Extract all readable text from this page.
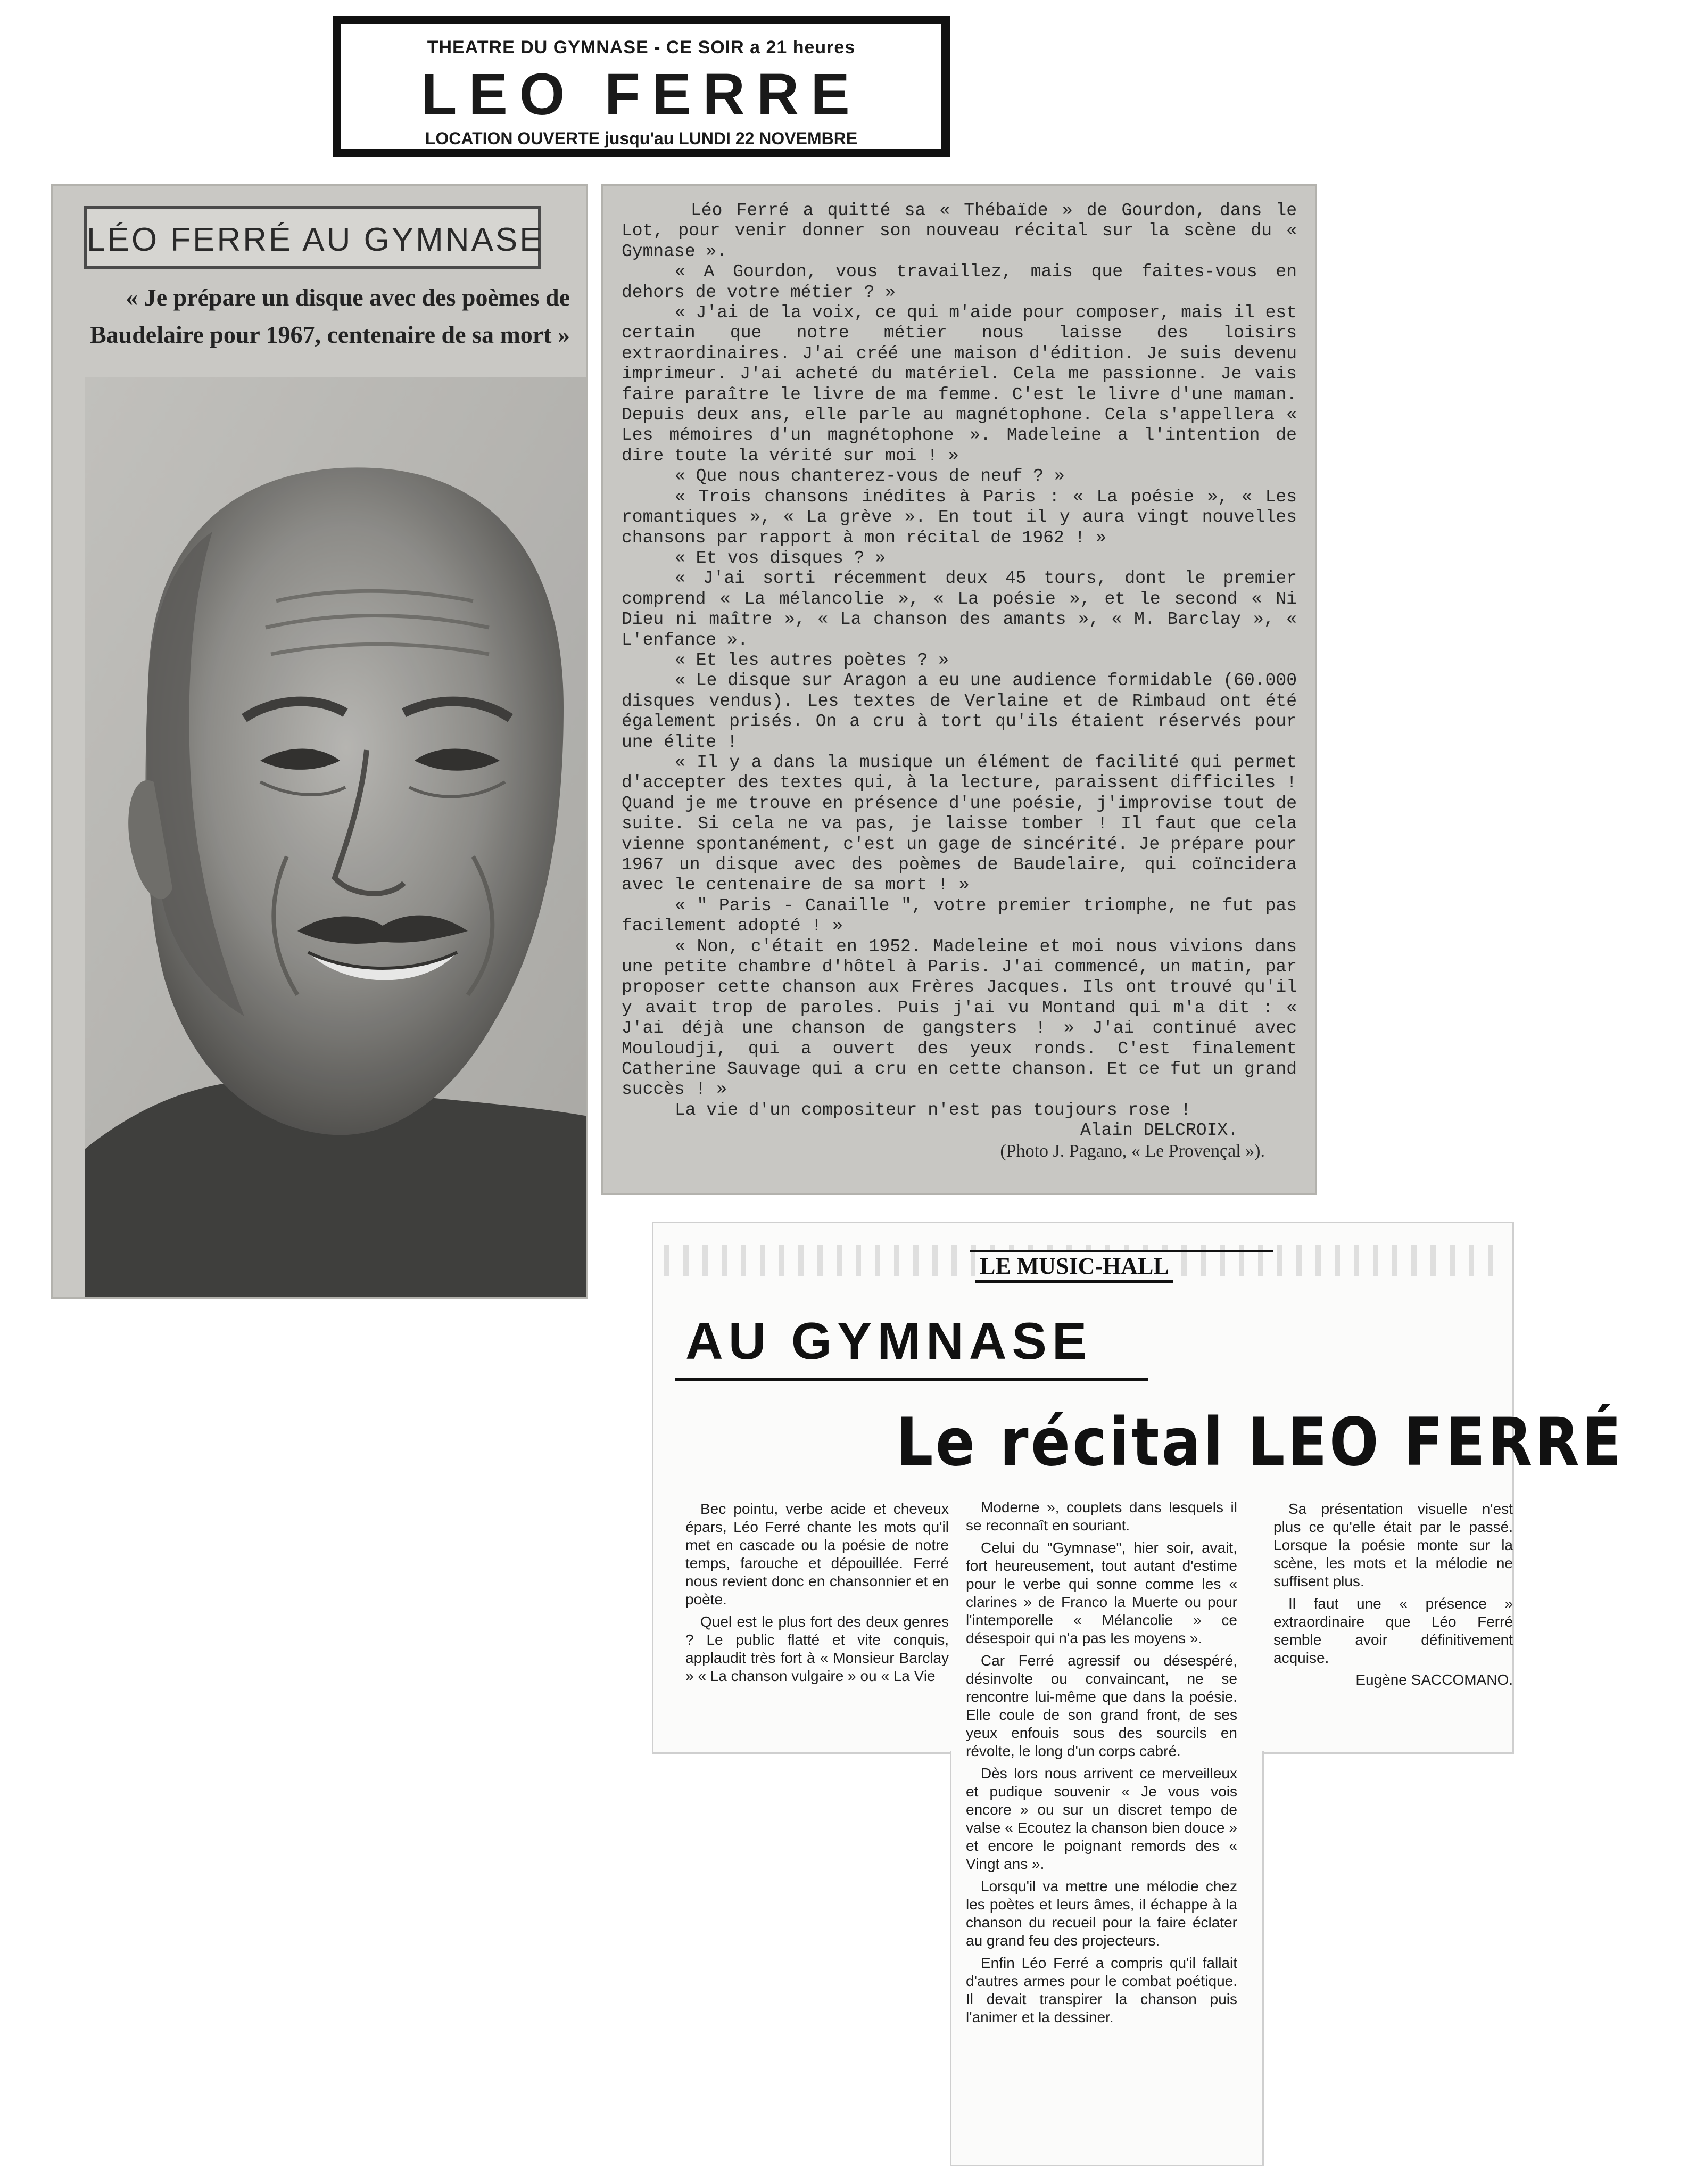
THEATRE DU GYMNASE - CE SOIR a 21 heures
LEO FERRE
LOCATION OUVERTE jusqu'au LUNDI 22 NOVEMBRE
LÉO FERRÉ AU GYMNASE
« Je prépare un disque avec des poèmes de Baudelaire pour 1967, centenaire de sa mort »

Léo Ferré a quitté sa « Thébaïde » de Gourdon, dans le Lot, pour venir donner son nouveau récital sur la scène du « Gymnase ».

« A Gourdon, vous travaillez, mais que faites-vous en dehors de votre métier ? »

« J'ai de la voix, ce qui m'aide pour composer, mais il est certain que notre métier nous laisse des loisirs extraordinaires. J'ai créé une maison d'édition. Je suis devenu imprimeur. J'ai acheté du matériel. Cela me passionne. Je vais faire paraître le livre de ma femme. C'est le livre d'une maman. Depuis deux ans, elle parle au magnétophone. Cela s'appellera « Les mémoires d'un magnétophone ». Madeleine a l'intention de dire toute la vérité sur moi ! »

« Que nous chanterez-vous de neuf ? »

« Trois chansons inédites à Paris : « La poésie », « Les romantiques », « La grève ». En tout il y aura vingt nouvelles chansons par rapport à mon récital de 1962 ! »

« Et vos disques ? »

« J'ai sorti récemment deux 45 tours, dont le premier comprend « La mélancolie », « La poésie », et le second « Ni Dieu ni maître », « La chanson des amants », « M. Barclay », « L'enfance ».

« Et les autres poètes ? »

« Le disque sur Aragon a eu une audience formidable (60.000 disques vendus). Les textes de Verlaine et de Rimbaud ont été également prisés. On a cru à tort qu'ils étaient réservés pour une élite !

« Il y a dans la musique un élément de facilité qui permet d'accepter des textes qui, à la lecture, paraissent difficiles ! Quand je me trouve en présence d'une poésie, j'improvise tout de suite. Si cela ne va pas, je laisse tomber ! Il faut que cela vienne spontanément, c'est un gage de sincérité. Je prépare pour 1967 un disque avec des poèmes de Baudelaire, qui coïncidera avec le centenaire de sa mort ! »

« " Paris - Canaille ", votre premier triomphe, ne fut pas facilement adopté ! »

« Non, c'était en 1952. Madeleine et moi nous vivions dans une petite chambre d'hôtel à Paris. J'ai commencé, un matin, par proposer cette chanson aux Frères Jacques. Ils ont trouvé qu'il y avait trop de paroles. Puis j'ai vu Montand qui m'a dit : « J'ai déjà une chanson de gangsters ! » J'ai continué avec Mouloudji, qui a ouvert des yeux ronds. C'est finalement Catherine Sauvage qui a cru en cette chanson. Et ce fut un grand succès ! »

La vie d'un compositeur n'est pas toujours rose !

Alain DELCROIX.

(Photo J. Pagano, « Le Provençal »).

LE MUSIC-HALL
AU GYMNASE
Le récital LEO FERRÉ

Bec pointu, verbe acide et cheveux épars, Léo Ferré chante les mots qu'il met en cascade ou la poésie de notre temps, farouche et dépouillée. Ferré nous revient donc en chansonnier et en poète.

Quel est le plus fort des deux genres ? Le public flatté et vite conquis, applaudit très fort à « Monsieur Barclay » « La chanson vulgaire » ou « La Vie

Sa présentation visuelle n'est plus ce qu'elle était par le passé. Lorsque la poésie monte sur la scène, les mots et la mélodie ne suffisent plus.

Il faut une « présence » extraordinaire que Léo Ferré semble avoir définitivement acquise.

Eugène SACCOMANO.

Moderne », couplets dans lesquels il se reconnaît en souriant.

Celui du "Gymnase", hier soir, avait, fort heureusement, tout autant d'estime pour le verbe qui sonne comme les « clarines » de Franco la Muerte ou pour l'intemporelle « Mélancolie » ce désespoir qui n'a pas les moyens ».

Car Ferré agressif ou désespéré, désinvolte ou convaincant, ne se rencontre lui-même que dans la poésie. Elle coule de son grand front, de ses yeux enfouis sous des sourcils en révolte, le long d'un corps cabré.

Dès lors nous arrivent ce merveilleux et pudique souvenir « Je vous vois encore » ou sur un discret tempo de valse « Ecoutez la chanson bien douce » et encore le poignant remords des « Vingt ans ».

Lorsqu'il va mettre une mélodie chez les poètes et leurs âmes, il échappe à la chanson du recueil pour la faire éclater au grand feu des projecteurs.

Enfin Léo Ferré a compris qu'il fallait d'autres armes pour le combat poétique. Il devait transpirer la chanson puis l'animer et la dessiner.
